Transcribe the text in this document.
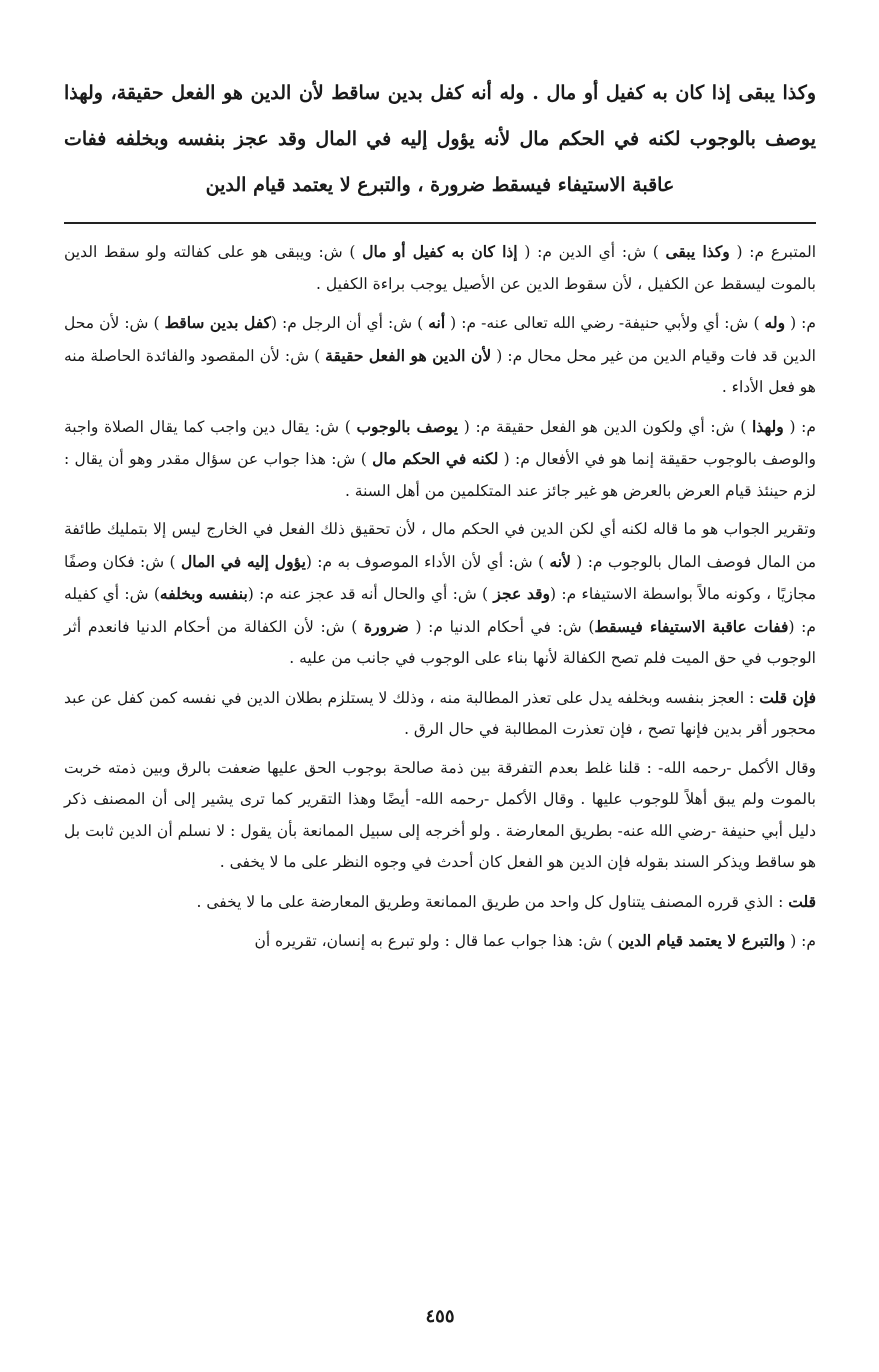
وكذا يبقى إذا كان به كفيل أو مال . وله أنه كفل بدين ساقط لأن الدين هو الفعل حقيقة، ولهذا يوصف بالوجوب لكنه في الحكم مال لأنه يؤول إليه في المال وقد عجز بنفسه وبخلفه ففات عاقبة الاستيفاء فيسقط ضرورة ، والتبرع لا يعتمد قيام الدين

المتبرع م: ( وكذا يبقى ) ش: أي الدين م: ( إذا كان به كفيل أو مال ) ش: ويبقى هو على كفالته ولو سقط الدين بالموت ليسقط عن الكفيل ، لأن سقوط الدين عن الأصيل يوجب براءة الكفيل .

م: ( وله ) ش: أي ولأبي حنيفة- رضي الله تعالى عنه- م: ( أنه ) ش: أي أن الرجل م: (كفل بدين ساقط ) ش: لأن محل الدين قد فات وقيام الدين من غير محل محال م: ( لأن الدين هو الفعل حقيقة ) ش: لأن المقصود والفائدة الحاصلة منه هو فعل الأداء .

م: ( ولهذا ) ش: أي ولكون الدين هو الفعل حقيقة م: ( يوصف بالوجوب ) ش: يقال دين واجب كما يقال الصلاة واجبة والوصف بالوجوب حقيقة إنما هو في الأفعال م: ( لكنه في الحكم مال ) ش: هذا جواب عن سؤال مقدر وهو أن يقال : لزم حينئذ قيام العرض بالعرض هو غير جائز عند المتكلمين من أهل السنة .

وتقرير الجواب هو ما قاله لكنه أي لكن الدين في الحكم مال ، لأن تحقيق ذلك الفعل في الخارج ليس إلا بتمليك طائفة من المال فوصف المال بالوجوب م: ( لأنه ) ش: أي لأن الأداء الموصوف به م: (يؤول إليه في المال ) ش: فكان وصفًا مجازيًا ، وكونه مالاً بواسطة الاستيفاء م: (وقد عجز ) ش: أي والحال أنه قد عجز عنه م: (بنفسه وبخلفه) ش: أي كفيله م: (ففات عاقبة الاستيفاء فيسقط) ش: في أحكام الدنيا م: ( ضرورة ) ش: لأن الكفالة من أحكام الدنيا فانعدم أثر الوجوب في حق الميت فلم تصح الكفالة لأنها بناء على الوجوب في جانب من عليه .

فإن قلت : العجز بنفسه وبخلفه يدل على تعذر المطالبة منه ، وذلك لا يستلزم بطلان الدين في نفسه كمن كفل عن عبد محجور أقر بدين فإنها تصح ، فإن تعذرت المطالبة في حال الرق .

وقال الأكمل -رحمه الله- : قلنا غلط بعدم التفرقة بين ذمة صالحة بوجوب الحق عليها ضعفت بالرق وبين ذمته خربت بالموت ولم يبق أهلاً للوجوب عليها . وقال الأكمل -رحمه الله- أيضًا وهذا التقرير كما ترى يشير إلى أن المصنف ذكر دليل أبي حنيفة -رضي الله عنه- بطريق المعارضة . ولو أخرجه إلى سبيل الممانعة بأن يقول : لا نسلم أن الدين ثابت بل هو ساقط ويذكر السند بقوله فإن الدين هو الفعل كان أحدث في وجوه النظر على ما لا يخفى .

قلت : الذي قرره المصنف يتناول كل واحد من طريق الممانعة وطريق المعارضة على ما لا يخفى .

م: ( والتبرع لا يعتمد قيام الدين ) ش: هذا جواب عما قال : ولو تبرع به إنسان، تقريره أن

٤٥٥
